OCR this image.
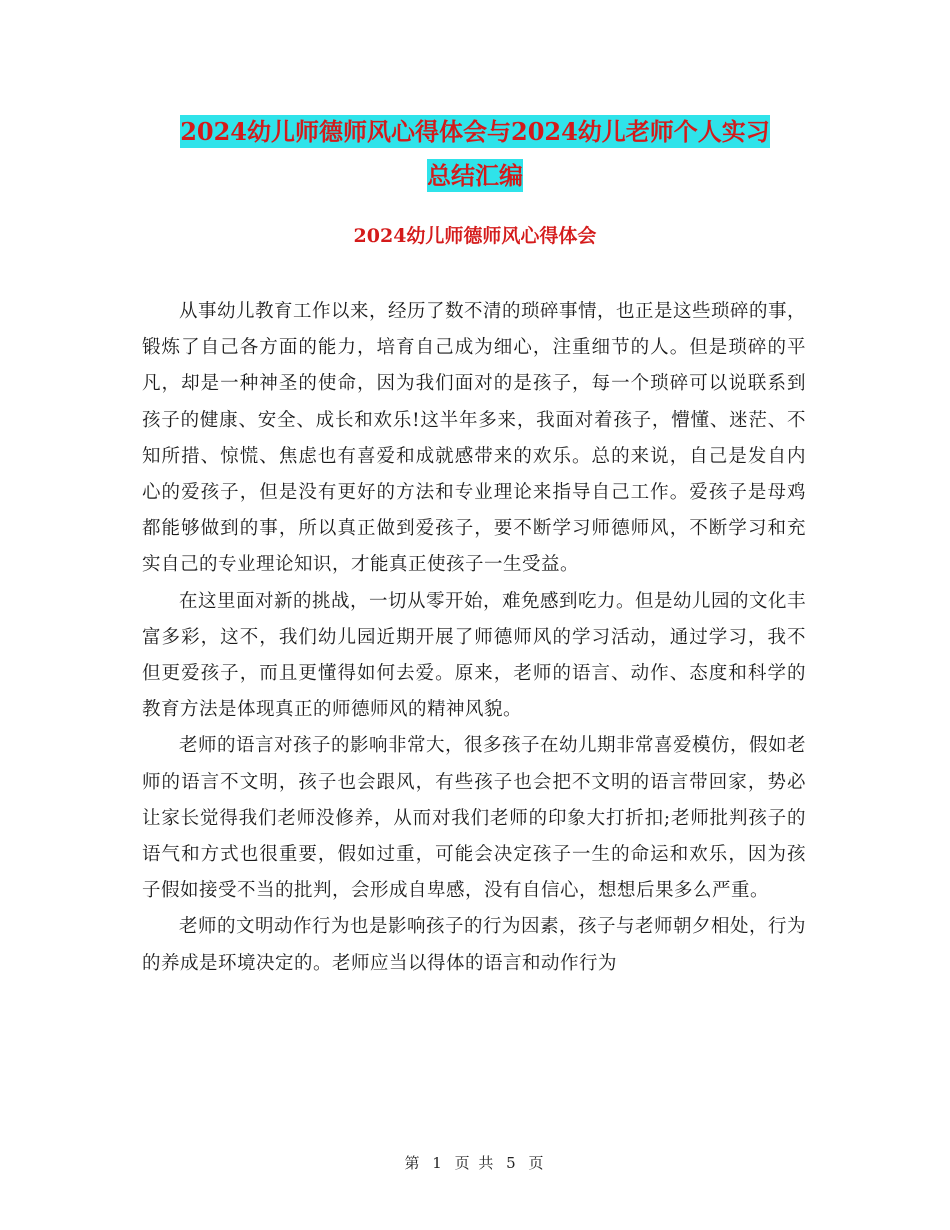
2024幼儿师德师风心得体会与2024幼儿老师个人实习
总结汇编
2024幼儿师德师风心得体会

从事幼儿教育工作以来，经历了数不清的琐碎事情，也正是这些琐碎的事，锻炼了自己各方面的能力，培育自己成为细心，注重细节的人。但是琐碎的平凡，却是一种神圣的使命，因为我们面对的是孩子，每一个琐碎可以说联系到孩子的健康、安全、成长和欢乐!这半年多来，我面对着孩子，懵懂、迷茫、不知所措、惊慌、焦虑也有喜爱和成就感带来的欢乐。总的来说，自己是发自内心的爱孩子，但是没有更好的方法和专业理论来指导自己工作。爱孩子是母鸡都能够做到的事，所以真正做到爱孩子，要不断学习师德师风，不断学习和充实自己的专业理论知识，才能真正使孩子一生受益。

在这里面对新的挑战，一切从零开始，难免感到吃力。但是幼儿园的文化丰富多彩，这不，我们幼儿园近期开展了师德师风的学习活动，通过学习，我不但更爱孩子，而且更懂得如何去爱。原来，老师的语言、动作、态度和科学的教育方法是体现真正的师德师风的精神风貌。

老师的语言对孩子的影响非常大，很多孩子在幼儿期非常喜爱模仿，假如老师的语言不文明，孩子也会跟风，有些孩子也会把不文明的语言带回家，势必让家长觉得我们老师没修养，从而对我们老师的印象大打折扣;老师批判孩子的语气和方式也很重要，假如过重，可能会决定孩子一生的命运和欢乐，因为孩子假如接受不当的批判，会形成自卑感，没有自信心，想想后果多么严重。

老师的文明动作行为也是影响孩子的行为因素，孩子与老师朝夕相处，行为的养成是环境决定的。老师应当以得体的语言和动作行为

第 1 页 共 5 页
